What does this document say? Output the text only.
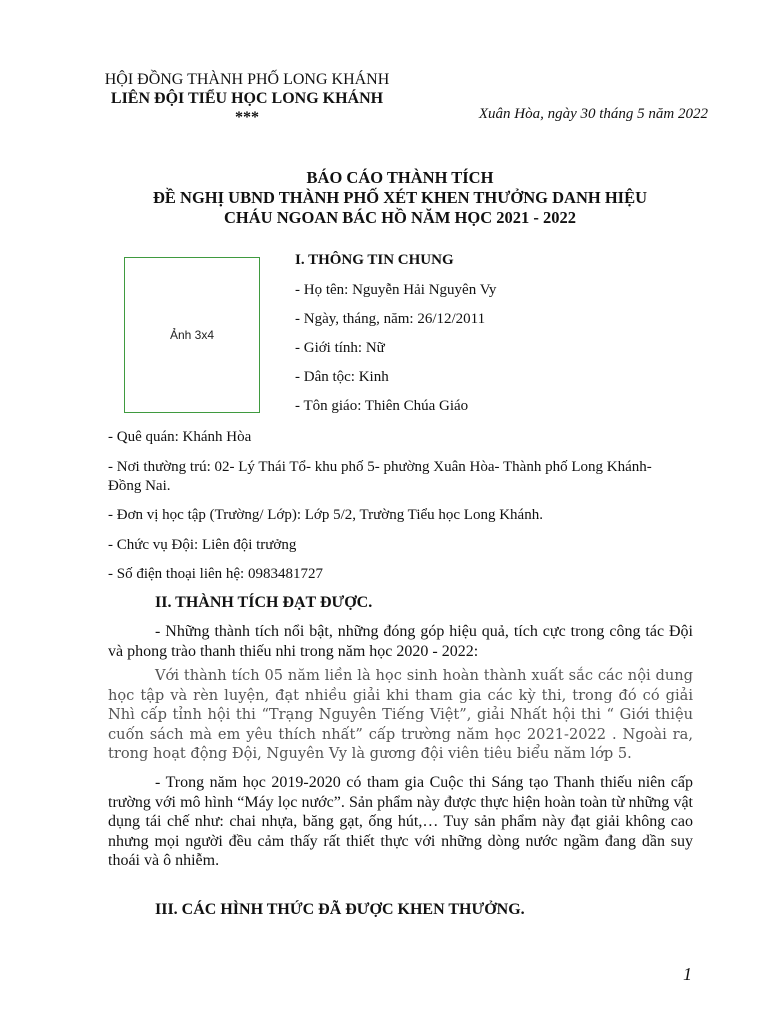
HỘI ĐỒNG THÀNH PHỐ LONG KHÁNH
LIÊN ĐỘI TIỂU HỌC LONG KHÁNH
***	Xuân Hòa, ngày 30 tháng 5 năm 2022
BÁO CÁO THÀNH TÍCH
ĐỀ NGHỊ UBND THÀNH PHỐ XÉT KHEN THƯỞNG DANH HIỆU
CHÁU NGOAN BÁC HỒ NĂM HỌC 2021 - 2022
Ảnh 3x4
I. THÔNG TIN CHUNG
- Họ tên: Nguyễn Hải Nguyên Vy
- Ngày, tháng, năm: 26/12/2011
- Giới tính: Nữ
- Dân tộc: Kinh
- Tôn giáo: Thiên Chúa Giáo
- Quê quán: Khánh Hòa
- Nơi thường trú: 02- Lý Thái Tổ- khu phố 5- phường Xuân Hòa- Thành phố Long Khánh- Đồng Nai.
- Đơn vị học tập (Trường/ Lớp): Lớp 5/2, Trường Tiểu học Long Khánh.
- Chức vụ Đội: Liên đội trưởng
- Số điện thoại liên hệ: 0983481727
II. THÀNH TÍCH ĐẠT ĐƯỢC.
- Những thành tích nổi bật, những đóng góp hiệu quả, tích cực trong công tác Đội và phong trào thanh thiếu nhi trong năm học 2020 - 2022:
Với thành tích 05 năm liền là học sinh hoàn thành xuất sắc các nội dung học tập và rèn luyện, đạt nhiều giải khi tham gia các kỳ thi, trong đó có giải Nhì cấp tỉnh hội thi “Trạng Nguyên Tiếng Việt”, giải Nhất hội thi “ Giới thiệu cuốn sách mà em yêu thích nhất” cấp trường năm học 2021-2022 . Ngoài ra, trong hoạt động Đội, Nguyên Vy là gương đội viên tiêu biểu năm lớp 5.
- Trong năm học 2019-2020 có tham gia Cuộc thi Sáng tạo Thanh thiếu niên cấp trường với mô hình “Máy lọc nước”. Sản phẩm này được thực hiện hoàn toàn từ những vật dụng tái chế như: chai nhựa, băng gạt, ống hút,… Tuy sản phẩm này đạt giải không cao nhưng mọi người đều cảm thấy rất thiết thực với những dòng nước ngầm đang dần suy thoái và ô nhiễm.
III. CÁC HÌNH THỨC ĐÃ ĐƯỢC KHEN THƯỞNG.
1
